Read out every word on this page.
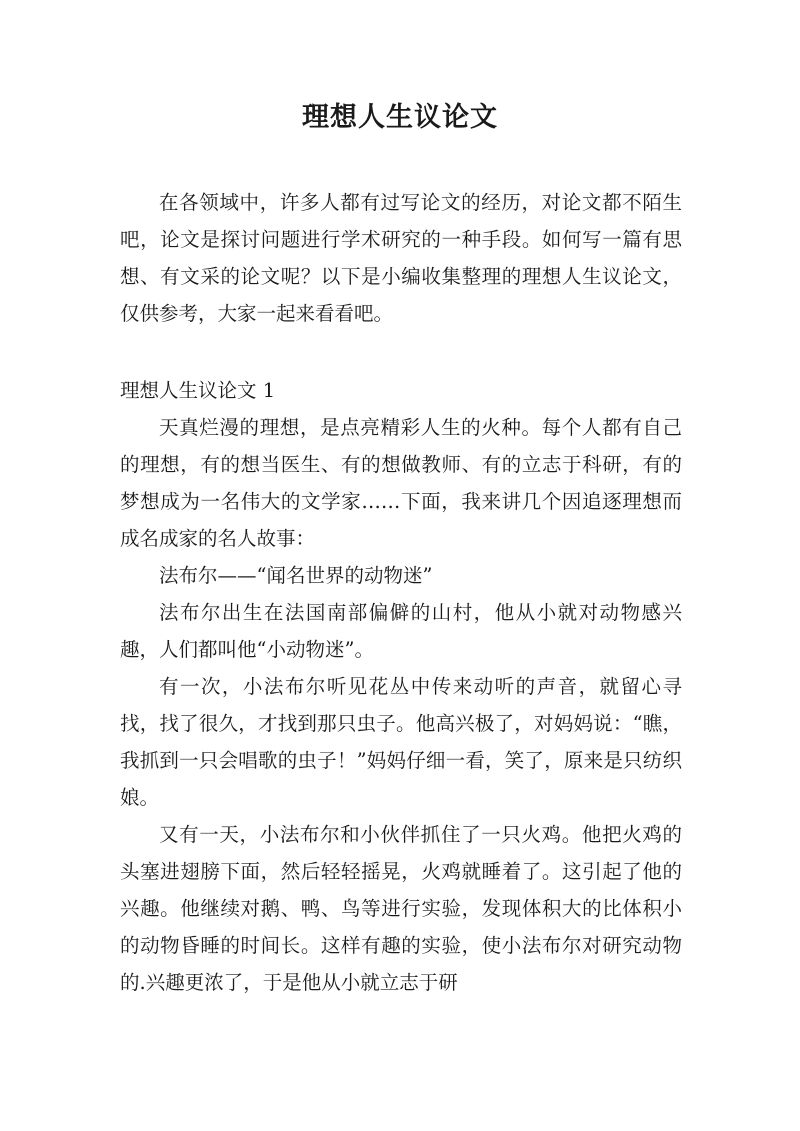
理想人生议论文

在各领域中，许多人都有过写论文的经历，对论文都不陌生吧，论文是探讨问题进行学术研究的一种手段。如何写一篇有思想、有文采的论文呢？以下是小编收集整理的理想人生议论文，仅供参考，大家一起来看看吧。

理想人生议论文 1

天真烂漫的理想，是点亮精彩人生的火种。每个人都有自己的理想，有的想当医生、有的想做教师、有的立志于科研，有的梦想成为一名伟大的文学家……下面，我来讲几个因追逐理想而成名成家的名人故事：

法布尔——“闻名世界的动物迷”

法布尔出生在法国南部偏僻的山村，他从小就对动物感兴趣，人们都叫他“小动物迷”。

有一次，小法布尔听见花丛中传来动听的声音，就留心寻找，找了很久，才找到那只虫子。他高兴极了，对妈妈说：“瞧，我抓到一只会唱歌的虫子！”妈妈仔细一看，笑了，原来是只纺织娘。

又有一天，小法布尔和小伙伴抓住了一只火鸡。他把火鸡的头塞进翅膀下面，然后轻轻摇晃，火鸡就睡着了。这引起了他的兴趣。他继续对鹅、鸭、鸟等进行实验，发现体积大的比体积小的动物昏睡的时间长。这样有趣的实验，使小法布尔对研究动物的.兴趣更浓了，于是他从小就立志于研
